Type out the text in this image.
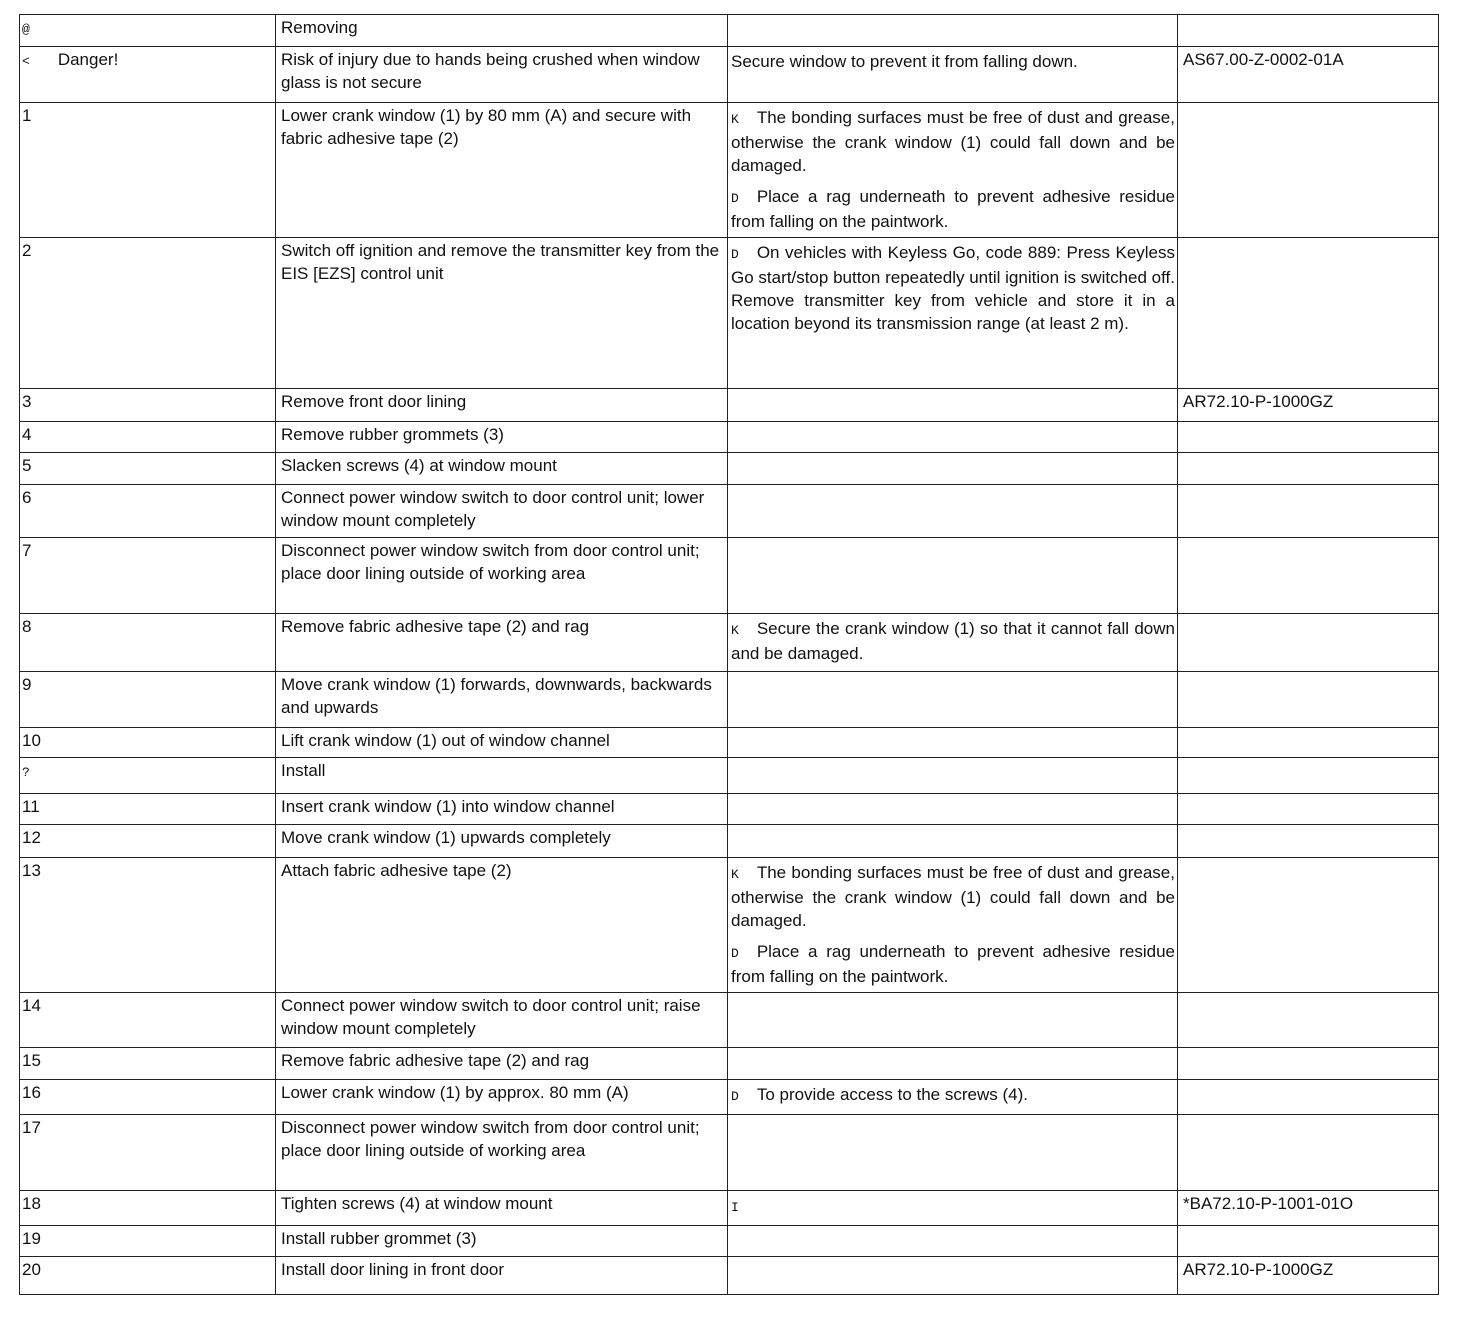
@	Removing		
< Danger!	Risk of injury due to hands being crushed when window glass is not secure	Secure window to prevent it from falling down.	AS67.00-Z-0002-01A
1	Lower crank window (1) by 80 mm (A) and secure with fabric adhesive tape (2)	K The bonding surfaces must be free of dust and grease, otherwise the crank window (1) could fall down and be damaged.
D Place a rag underneath to prevent adhesive residue from falling on the paintwork.	

2	Switch off ignition and remove the transmitter key from the EIS [EZS] control unit	D On vehicles with Keyless Go, code 889: Press Keyless Go start/stop button repeatedly until ignition is switched off. Remove transmitter key from vehicle and store it in a location beyond its transmission range (at least 2 m).	

3	Remove front door lining		AR72.10-P-1000GZ
4	Remove rubber grommets (3)		
5	Slacken screws (4) at window mount		
6	Connect power window switch to door control unit; lower window mount completely		
7	Disconnect power window switch from door control unit; place door lining outside of working area		
8	Remove fabric adhesive tape (2) and rag	K Secure the crank window (1) so that it cannot fall down and be damaged.	

9	Move crank window (1) forwards, downwards, backwards and upwards		
10	Lift crank window (1) out of window channel		
?	Install		
11	Insert crank window (1) into window channel		
12	Move crank window (1) upwards completely		
13	Attach fabric adhesive tape (2)	K The bonding surfaces must be free of dust and grease, otherwise the crank window (1) could fall down and be damaged.
D Place a rag underneath to prevent adhesive residue from falling on the paintwork.	

14	Connect power window switch to door control unit; raise window mount completely		
15	Remove fabric adhesive tape (2) and rag		
16	Lower crank window (1) by approx. 80 mm (A)	D To provide access to the screws (4).	

17	Disconnect power window switch from door control unit; place door lining outside of working area		
18	Tighten screws (4) at window mount	I	*BA72.10-P-1001-01O
19	Install rubber grommet (3)		
20	Install door lining in front door		AR72.10-P-1000GZ
